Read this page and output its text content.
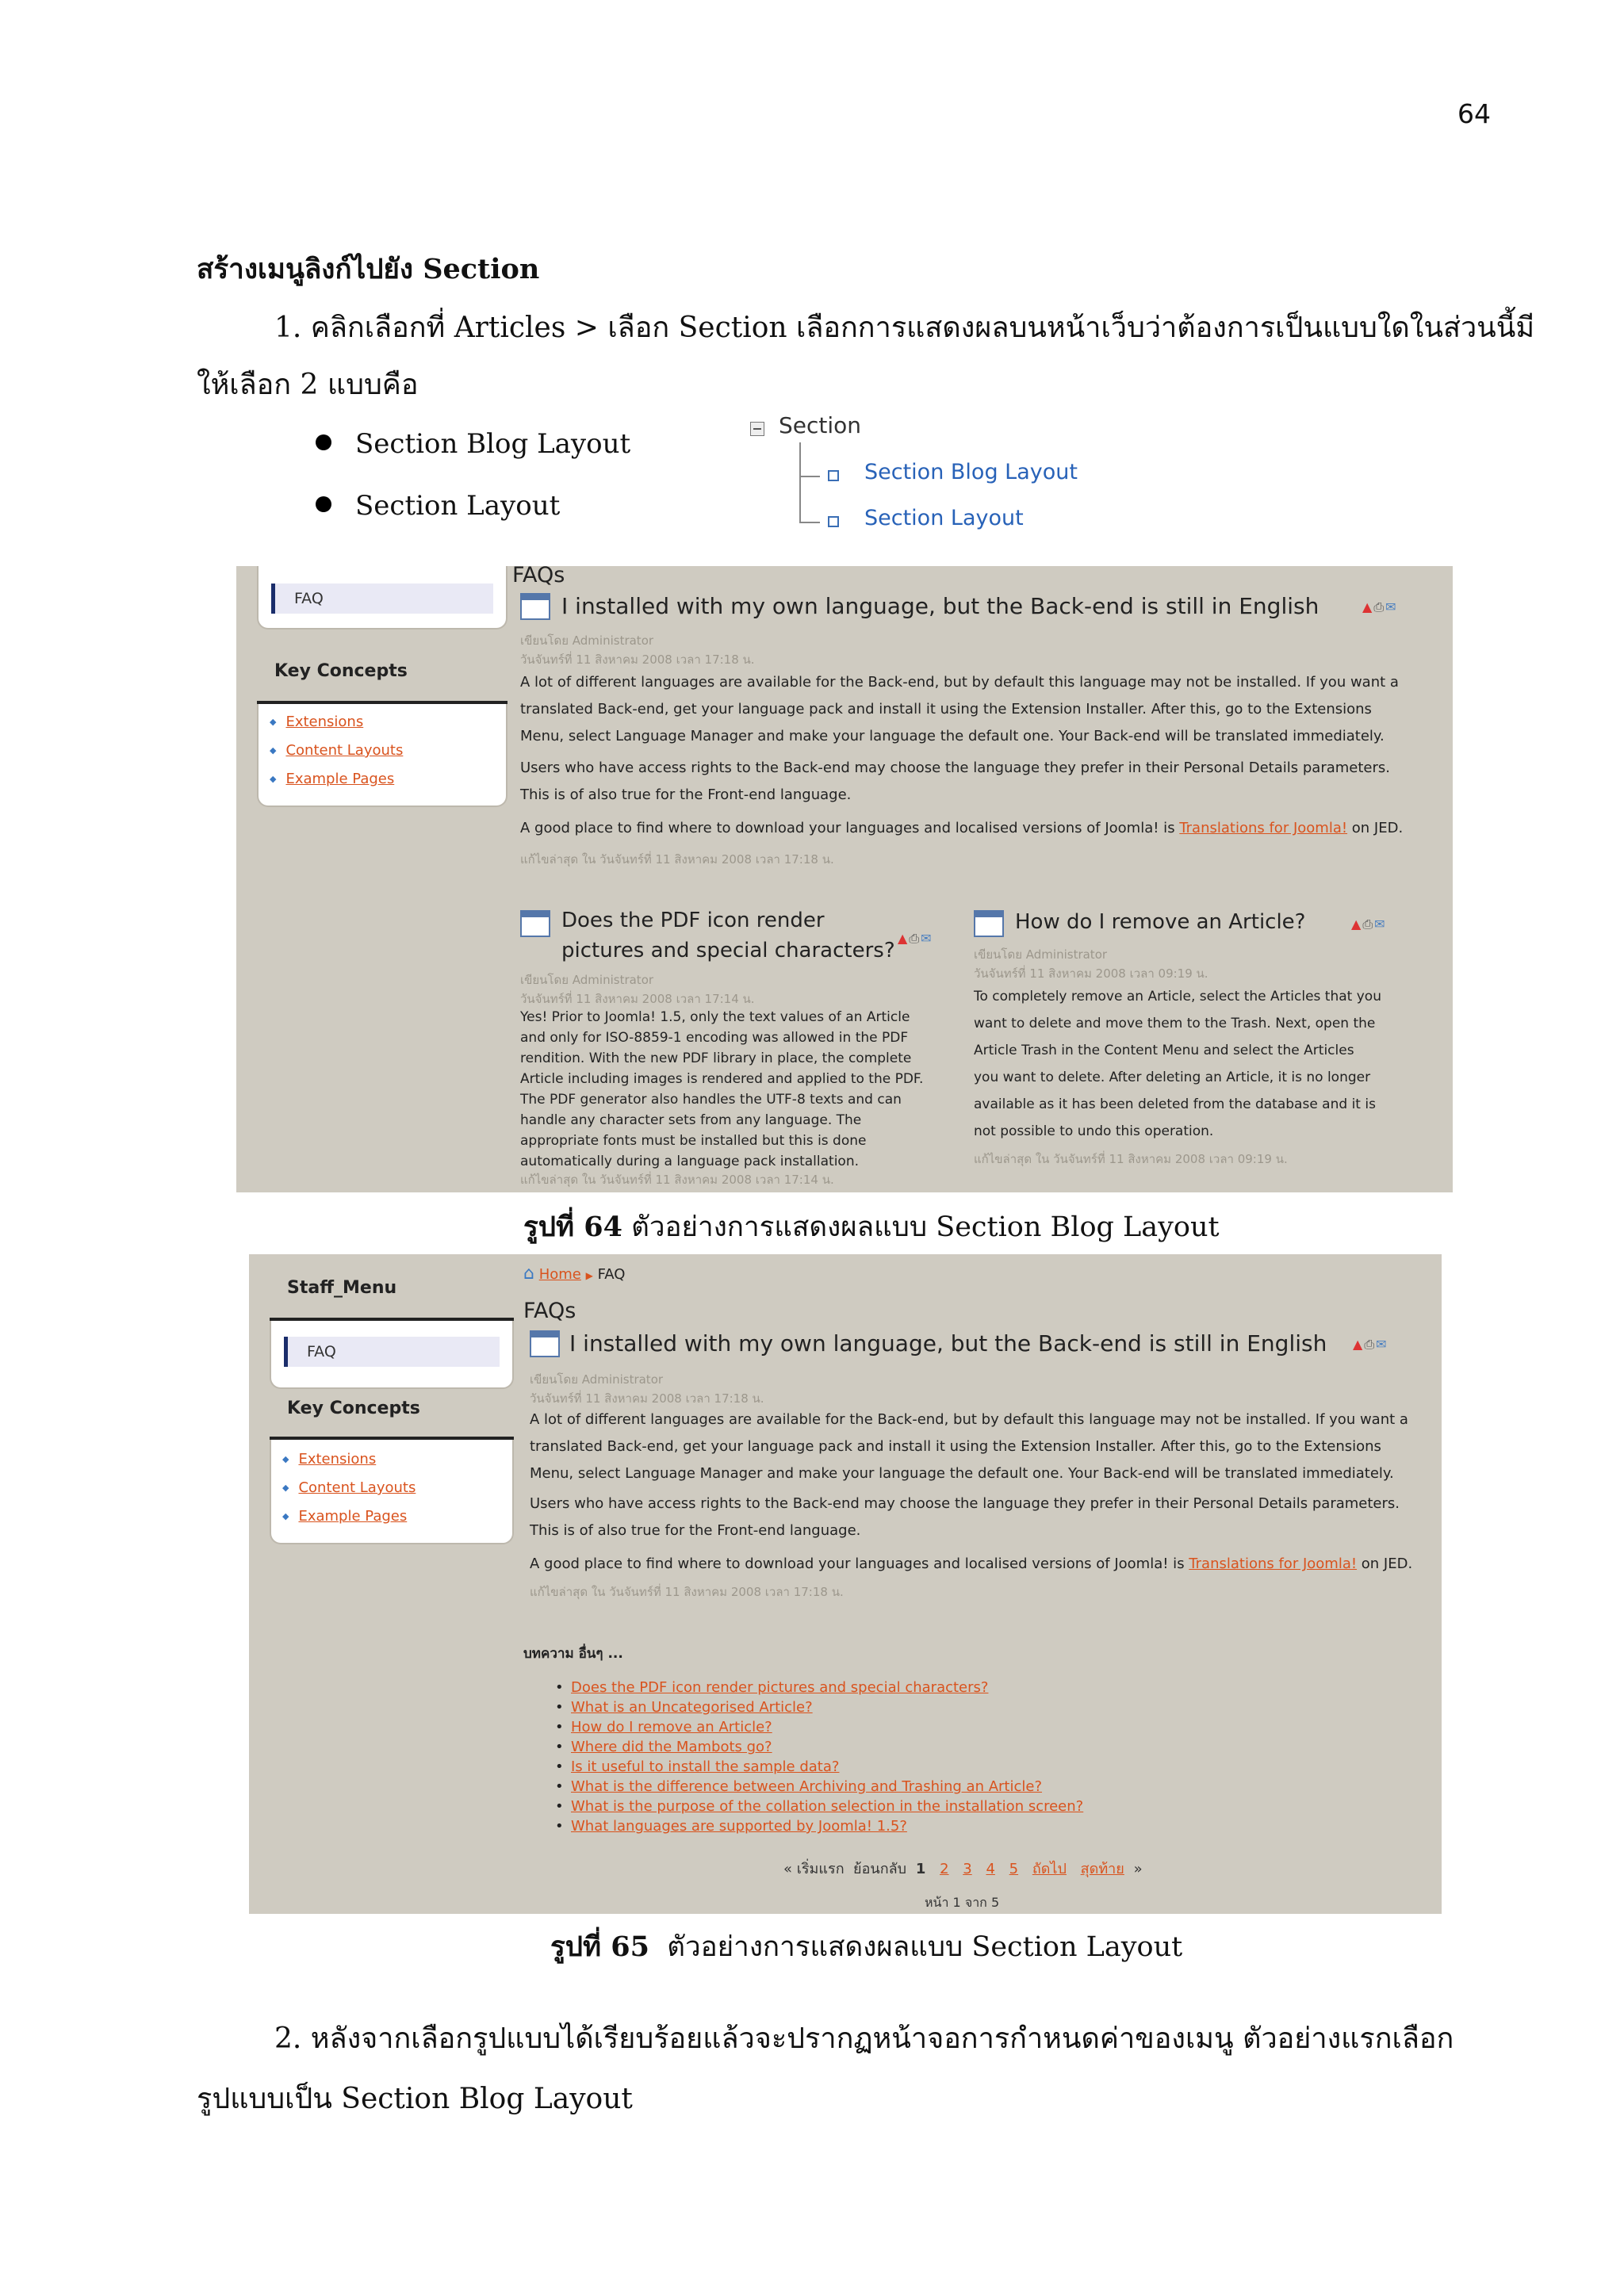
64
สร้างเมนูลิงก์ไปยัง Section
1. คลิกเลือกที่ Articles > เลือก Section เลือกการแสดงผลบนหน้าเว็บว่าต้องการเป็นแบบใดในส่วนนี้มี
ให้เลือก 2 แบบคือ
Section Blog Layout
Section Layout
Section
Section Blog Layout
Section Layout
FAQ
Key Concepts
◆ Extensions
◆ Content Layouts
◆ Example Pages
FAQs
I installed with my own language, but the Back-end is still in English	▲⎙✉
เขียนโดย Administrator
วันจันทร์ที่ 11 สิงหาคม 2008 เวลา 17:18 น.
A lot of different languages are available for the Back-end, but by default this language may not be installed. If you want a
translated Back-end, get your language pack and install it using the Extension Installer. After this, go to the Extensions
Menu, select Language Manager and make your language the default one. Your Back-end will be translated immediately.
Users who have access rights to the Back-end may choose the language they prefer in their Personal Details parameters.
This is of also true for the Front-end language.
A good place to find where to download your languages and localised versions of Joomla! is Translations for Joomla! on JED.
แก้ไขล่าสุด ใน วันจันทร์ที่ 11 สิงหาคม 2008 เวลา 17:18 น.
Does the PDF icon render
pictures and special characters?
▲⎙✉
เขียนโดย Administrator
วันจันทร์ที่ 11 สิงหาคม 2008 เวลา 17:14 น.
Yes! Prior to Joomla! 1.5, only the text values of an Article
and only for ISO-8859-1 encoding was allowed in the PDF
rendition. With the new PDF library in place, the complete
Article including images is rendered and applied to the PDF.
The PDF generator also handles the UTF-8 texts and can
handle any character sets from any language. The
appropriate fonts must be installed but this is done
automatically during a language pack installation.
แก้ไขล่าสุด ใน วันจันทร์ที่ 11 สิงหาคม 2008 เวลา 17:14 น.
How do I remove an Article?	▲⎙✉
เขียนโดย Administrator
วันจันทร์ที่ 11 สิงหาคม 2008 เวลา 09:19 น.
To completely remove an Article, select the Articles that you
want to delete and move them to the Trash. Next, open the
Article Trash in the Content Menu and select the Articles
you want to delete. After deleting an Article, it is no longer
available as it has been deleted from the database and it is
not possible to undo this operation.
แก้ไขล่าสุด ใน วันจันทร์ที่ 11 สิงหาคม 2008 เวลา 09:19 น.
รูปที่ 64 ตัวอย่างการแสดงผลแบบ Section Blog Layout
Staff_Menu
FAQ
Key Concepts
◆ Extensions
◆ Content Layouts
◆ Example Pages
⌂ Home ▶ FAQ
FAQs
I installed with my own language, but the Back-end is still in English ▲⎙✉
เขียนโดย Administrator
วันจันทร์ที่ 11 สิงหาคม 2008 เวลา 17:18 น.
A lot of different languages are available for the Back-end, but by default this language may not be installed. If you want a
translated Back-end, get your language pack and install it using the Extension Installer. After this, go to the Extensions
Menu, select Language Manager and make your language the default one. Your Back-end will be translated immediately.
Users who have access rights to the Back-end may choose the language they prefer in their Personal Details parameters.
This is of also true for the Front-end language.
A good place to find where to download your languages and localised versions of Joomla! is Translations for Joomla! on JED.
แก้ไขล่าสุด ใน วันจันทร์ที่ 11 สิงหาคม 2008 เวลา 17:18 น.
บทความ อื่นๆ ...
• Does the PDF icon render pictures and special characters?
• What is an Uncategorised Article?
• How do I remove an Article?
• Where did the Mambots go?
• Is it useful to install the sample data?
• What is the difference between Archiving and Trashing an Article?
• What is the purpose of the collation selection in the installation screen?
• What languages are supported by Joomla! 1.5?
« เริ่มแรก ย้อนกลับ 1 2 3 4 5 ถัดไป สุดท้าย »
หน้า 1 จาก 5
รูปที่ 65 ตัวอย่างการแสดงผลแบบ Section Layout
2. หลังจากเลือกรูปแบบได้เรียบร้อยแล้วจะปรากฏหน้าจอการกำหนดค่าของเมนู ตัวอย่างแรกเลือก
รูปแบบเป็น Section Blog Layout
